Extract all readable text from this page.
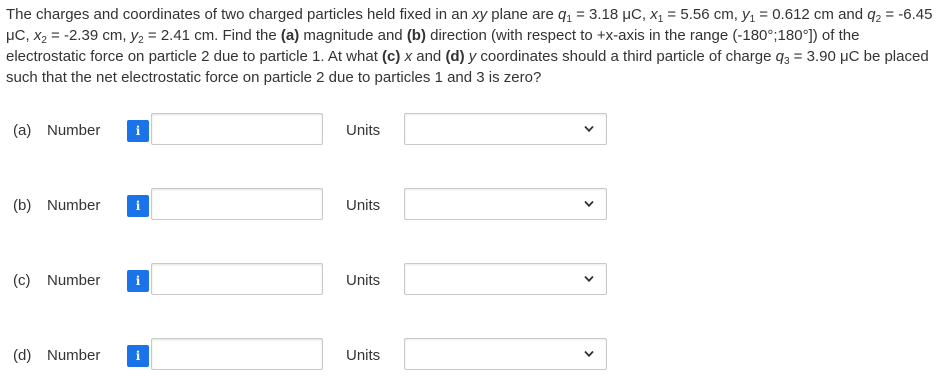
The charges and coordinates of two charged particles held fixed in an xy plane are $q_1 = 3.18$ μC, $x_1 = 5.56$ cm, $y_1 = 0.612$ cm and $q_2 = -6.45$ μC, $x_2 = -2.39$ cm, $y_2 = 2.41$ cm. Find the (a) magnitude and (b) direction (with respect to +x-axis in the range (-180°;180°]) of the electrostatic force on particle 2 due to particle 1. At what (c) x and (d) y coordinates should a third particle of charge $q_3 = 3.90$ μC be placed such that the net electrostatic force on particle 2 due to particles 1 and 3 is zero?
(a) Number	i	Units
(b) Number	i	Units
(c) Number	i	Units
(d) Number	i	Units
